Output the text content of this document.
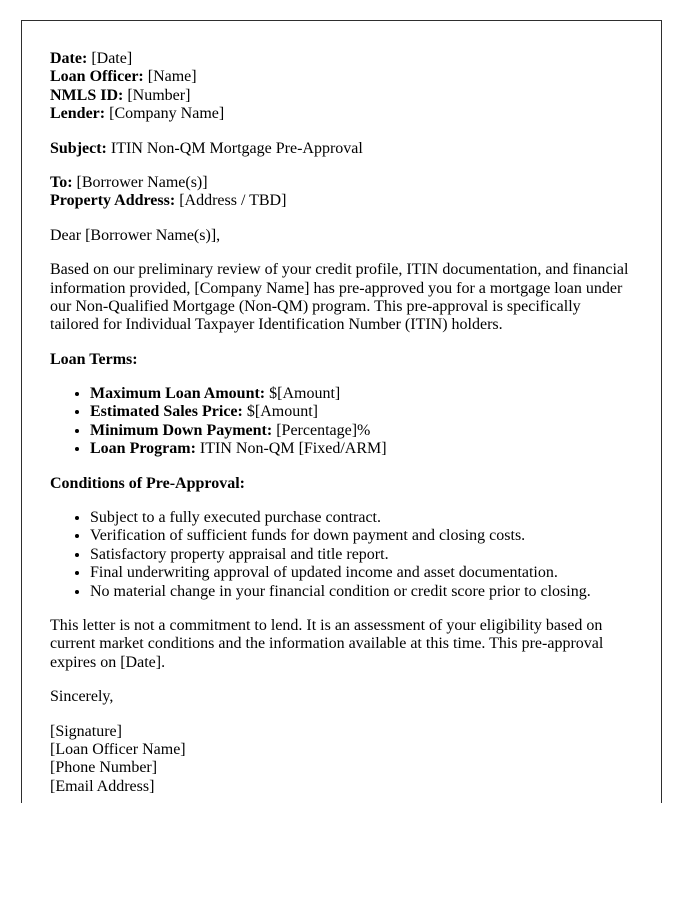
Date: [Date]
Loan Officer: [Name]
NMLS ID: [Number]
Lender: [Company Name]

Subject: ITIN Non-QM Mortgage Pre-Approval

To: [Borrower Name(s)]
Property Address: [Address / TBD]

Dear [Borrower Name(s)],

Based on our preliminary review of your credit profile, ITIN documentation, and financial information provided, [Company Name] has pre-approved you for a mortgage loan under our Non-Qualified Mortgage (Non-QM) program. This pre-approval is specifically tailored for Individual Taxpayer Identification Number (ITIN) holders.

Loan Terms:

• Maximum Loan Amount: $[Amount]
• Estimated Sales Price: $[Amount]
• Minimum Down Payment: [Percentage]%
• Loan Program: ITIN Non-QM [Fixed/ARM]

Conditions of Pre-Approval:

• Subject to a fully executed purchase contract.
• Verification of sufficient funds for down payment and closing costs.
• Satisfactory property appraisal and title report.
• Final underwriting approval of updated income and asset documentation.
• No material change in your financial condition or credit score prior to closing.

This letter is not a commitment to lend. It is an assessment of your eligibility based on current market conditions and the information available at this time. This pre-approval expires on [Date].

Sincerely,

[Signature]
[Loan Officer Name]
[Phone Number]
[Email Address]
